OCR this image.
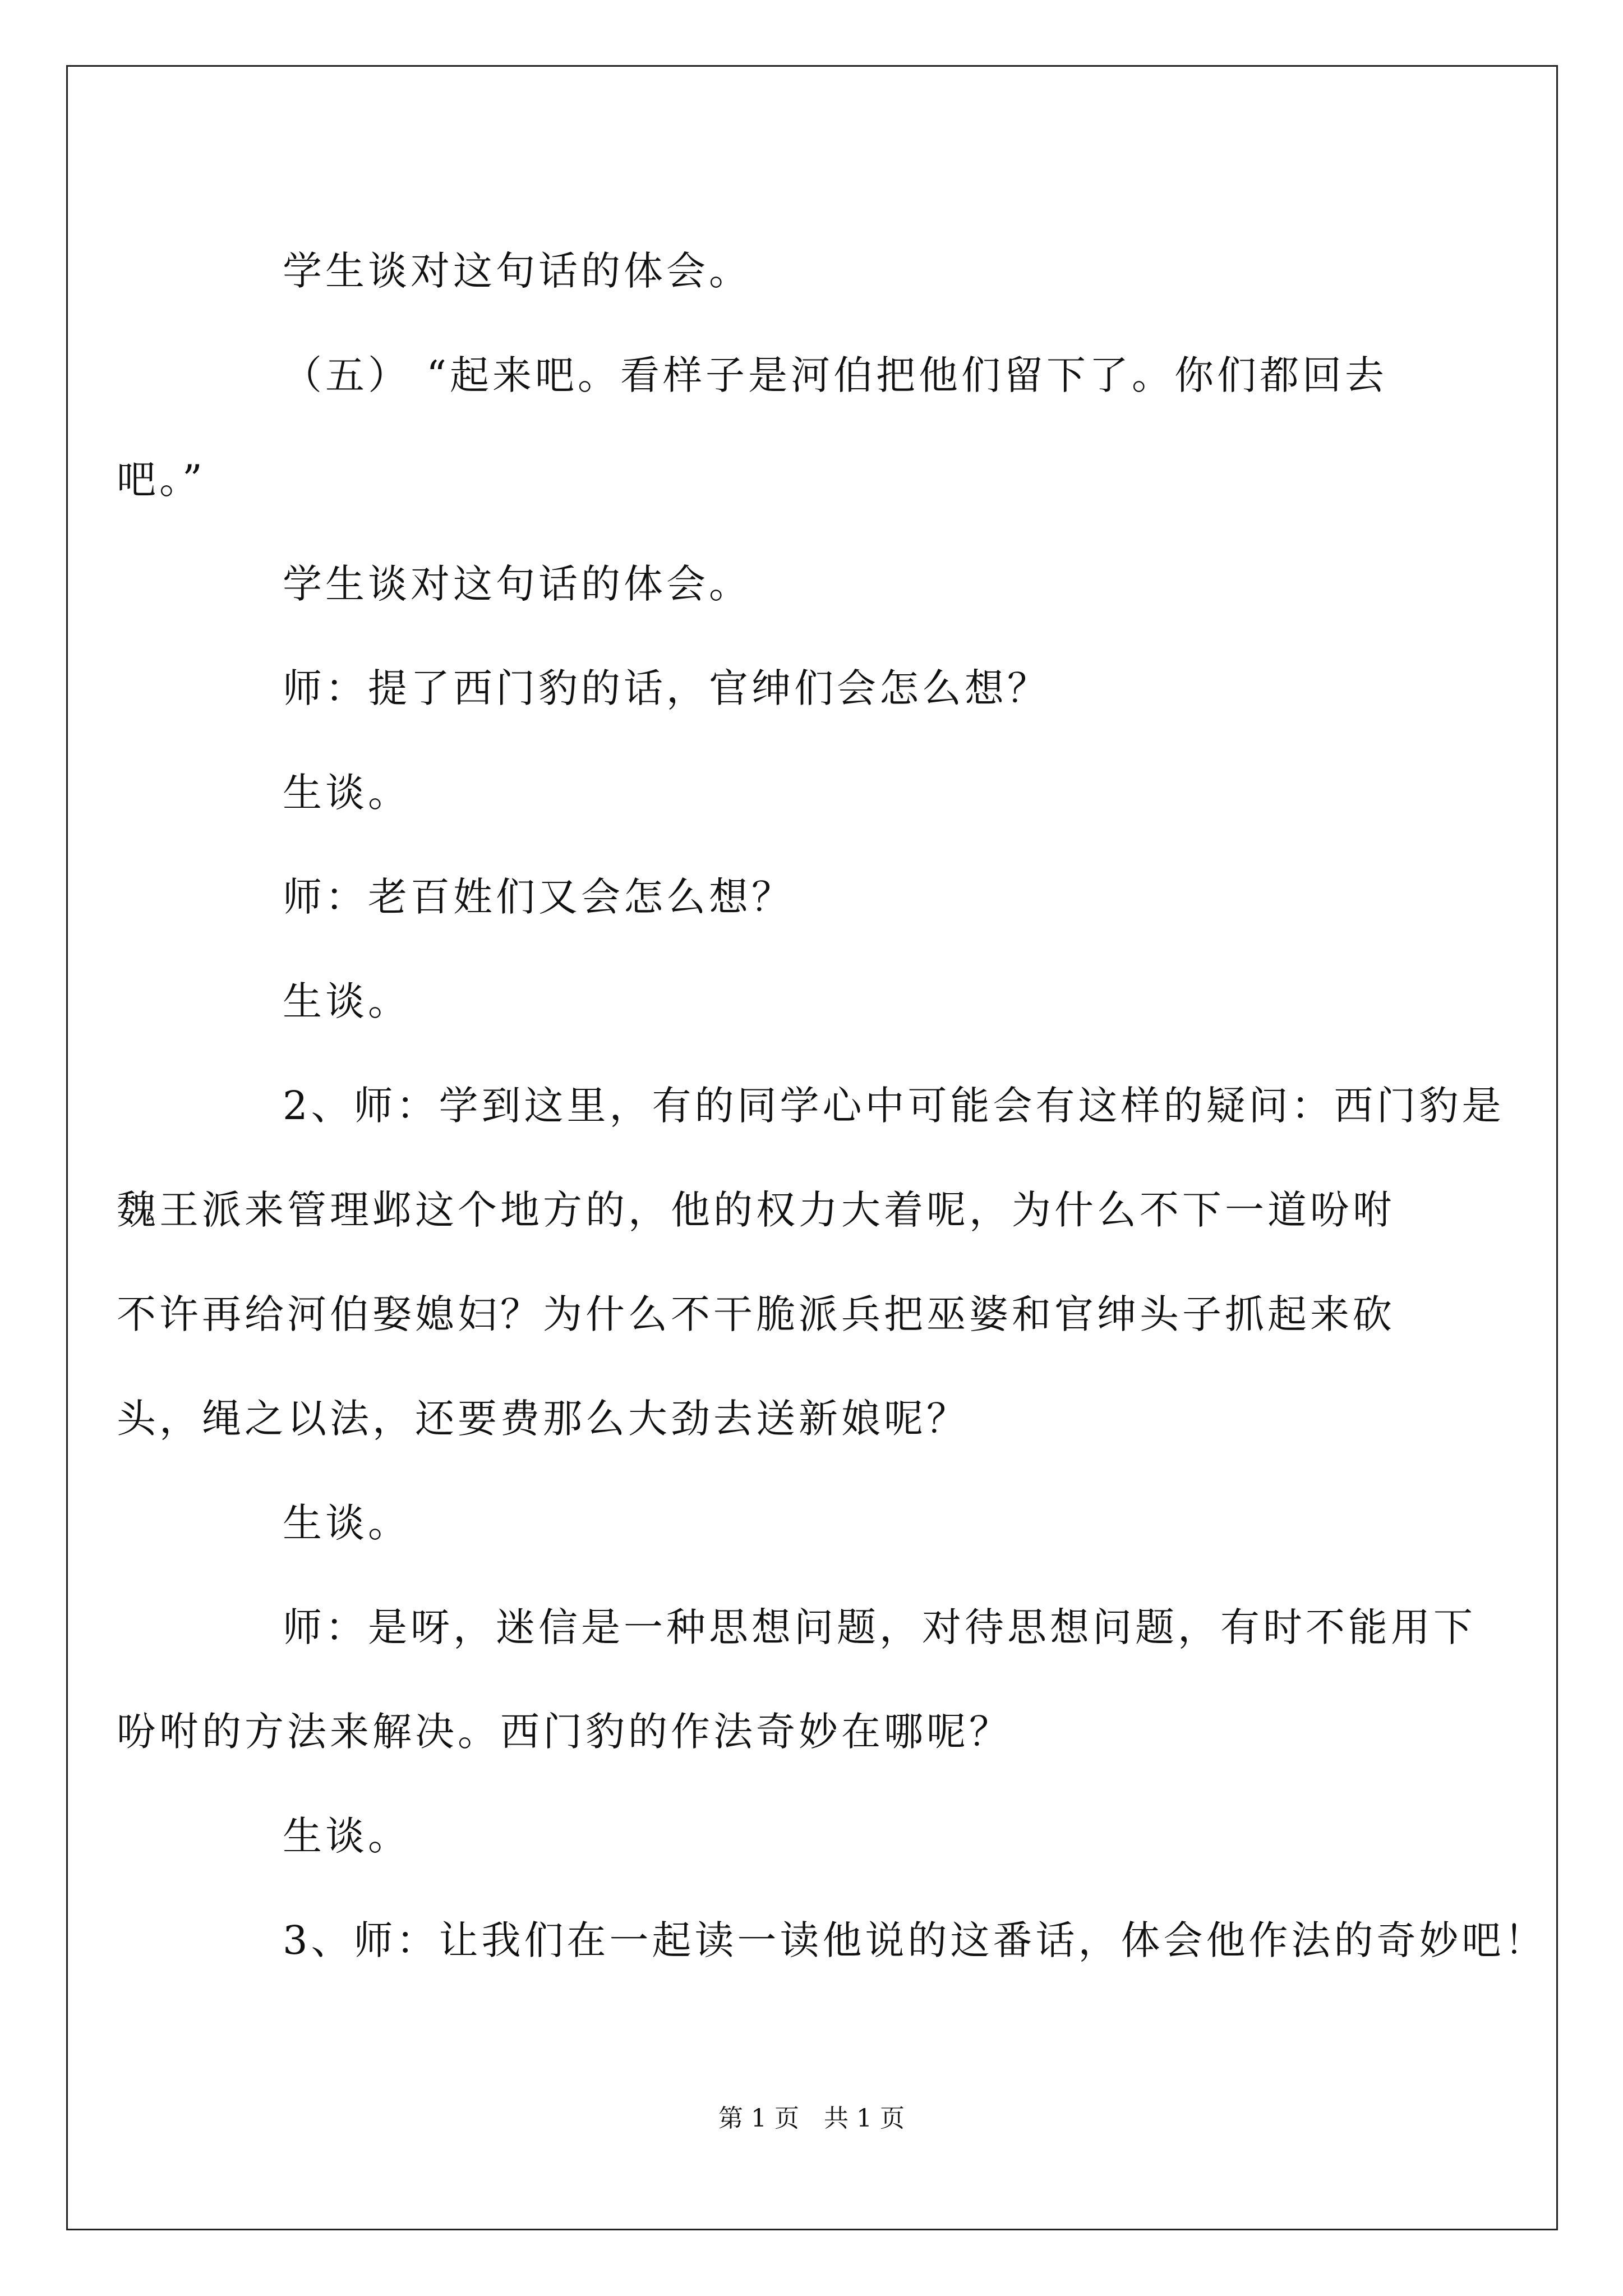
学生谈对这句话的体会。

（五） “起来吧。看样子是河伯把他们留下了。你们都回去

吧。”

学生谈对这句话的体会。

师：提了西门豹的话，官绅们会怎么想？

生谈。

师：老百姓们又会怎么想？

生谈。

2、师：学到这里，有的同学心中可能会有这样的疑问：西门豹是

魏王派来管理邺这个地方的，他的权力大着呢，为什么不下一道吩咐

不许再给河伯娶媳妇？为什么不干脆派兵把巫婆和官绅头子抓起来砍

头，绳之以法，还要费那么大劲去送新娘呢？

生谈。

师：是呀，迷信是一种思想问题，对待思想问题，有时不能用下

吩咐的方法来解决。西门豹的作法奇妙在哪呢？

生谈。

3、师：让我们在一起读一读他说的这番话，体会他作法的奇妙吧！

第 1 页　共 1 页
